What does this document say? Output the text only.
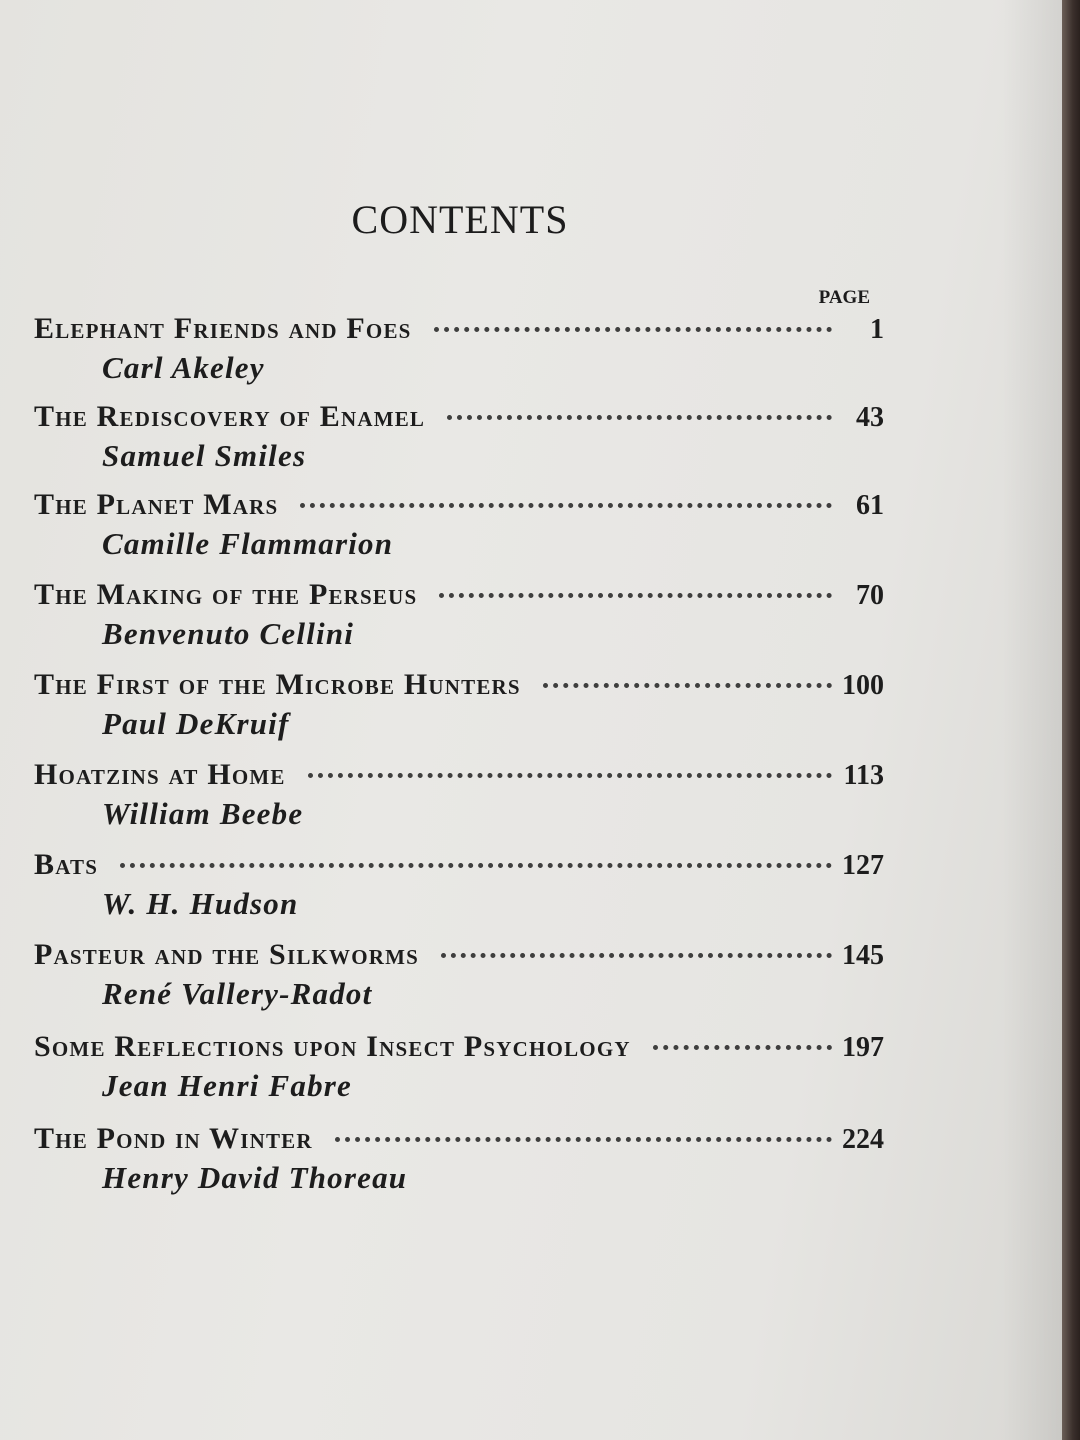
CONTENTS
PAGE
Elephant Friends and Foes	1
Carl Akeley
The Rediscovery of Enamel	43
Samuel Smiles
The Planet Mars	61
Camille Flammarion
The Making of the Perseus	70
Benvenuto Cellini
The First of the Microbe Hunters	100
Paul DeKruif
Hoatzins at Home	113
William Beebe
Bats	127
W. H. Hudson
Pasteur and the Silkworms	145
René Vallery-Radot
Some Reflections upon Insect Psychology	197
Jean Henri Fabre
The Pond in Winter	224
Henry David Thoreau
